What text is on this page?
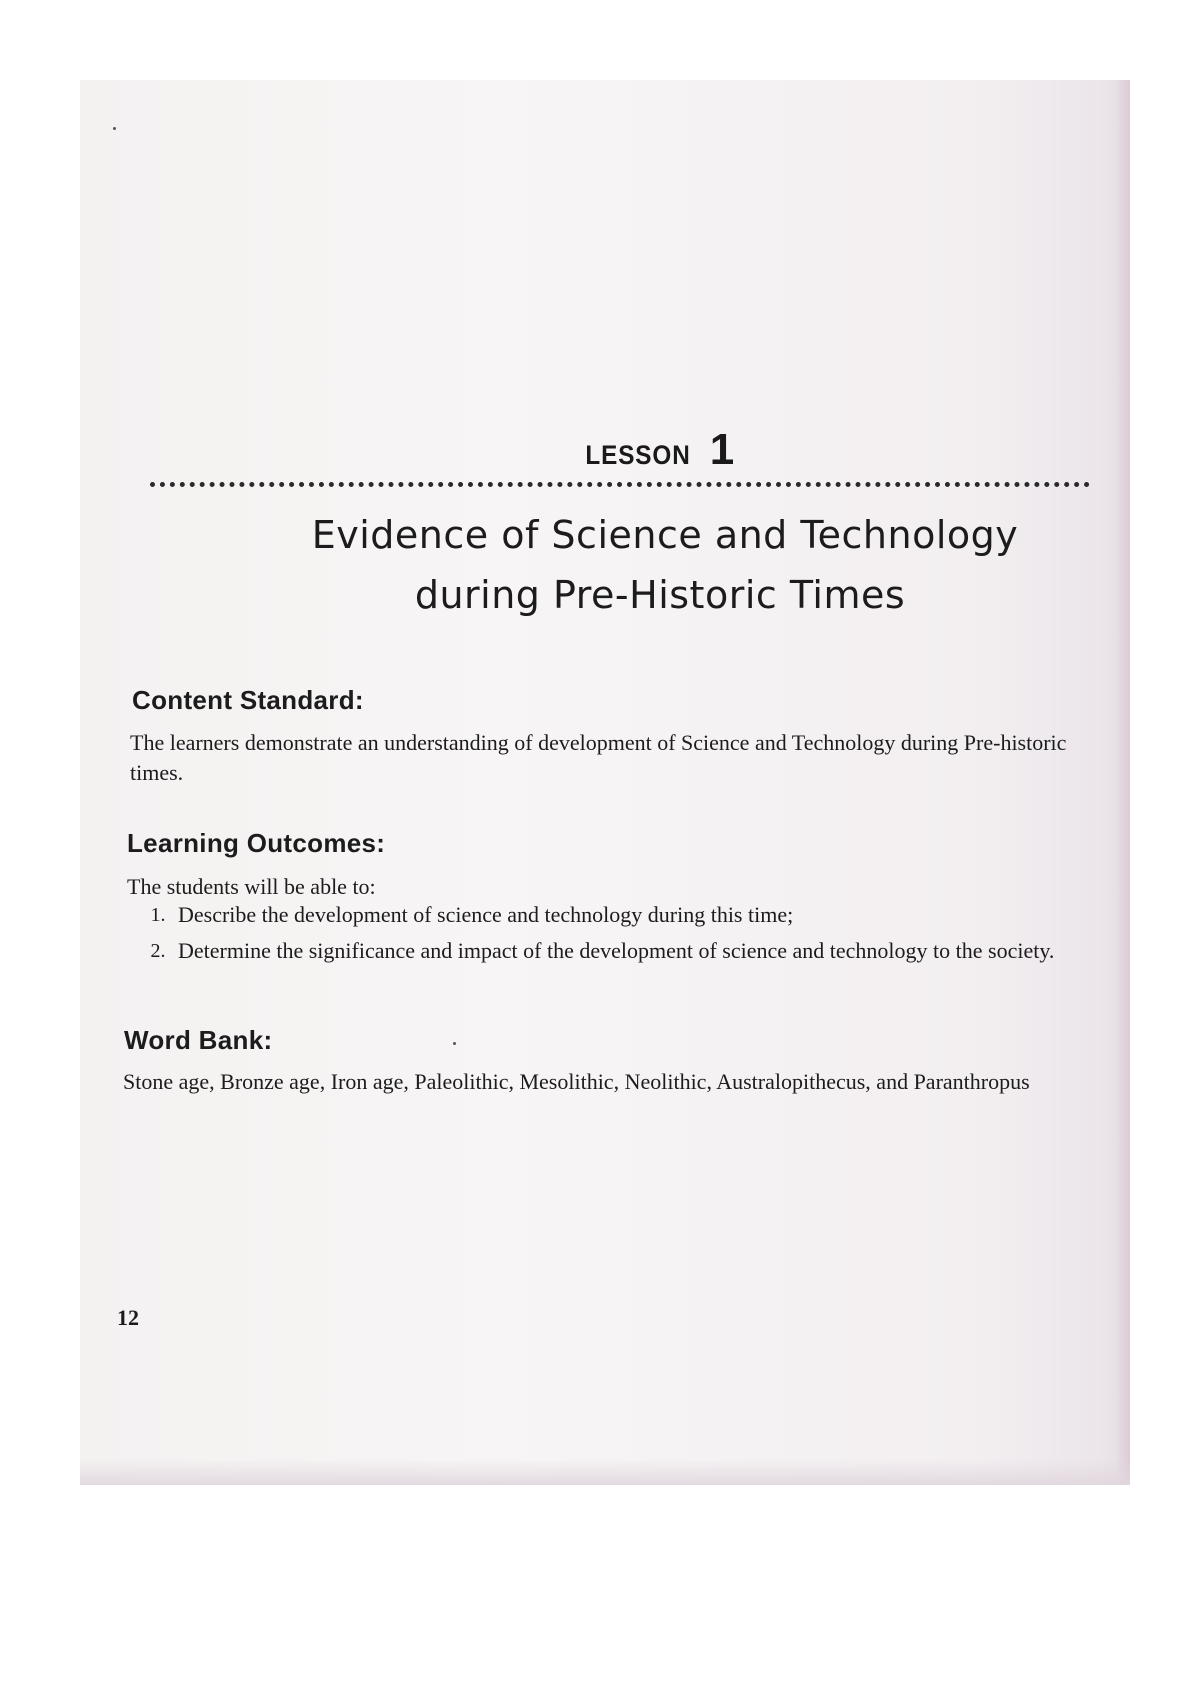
LESSON 1
Evidence of Science and Technology
during Pre-Historic Times
Content Standard:
The learners demonstrate an understanding of development of Science and Technology during Pre-historic times.
Learning Outcomes:
The students will be able to:
1. Describe the development of science and technology during this time;
2. Determine the significance and impact of the development of science and technology to the society.
Word Bank:
Stone age, Bronze age, Iron age, Paleolithic, Mesolithic, Neolithic, Australopithecus, and Paranthropus
12
